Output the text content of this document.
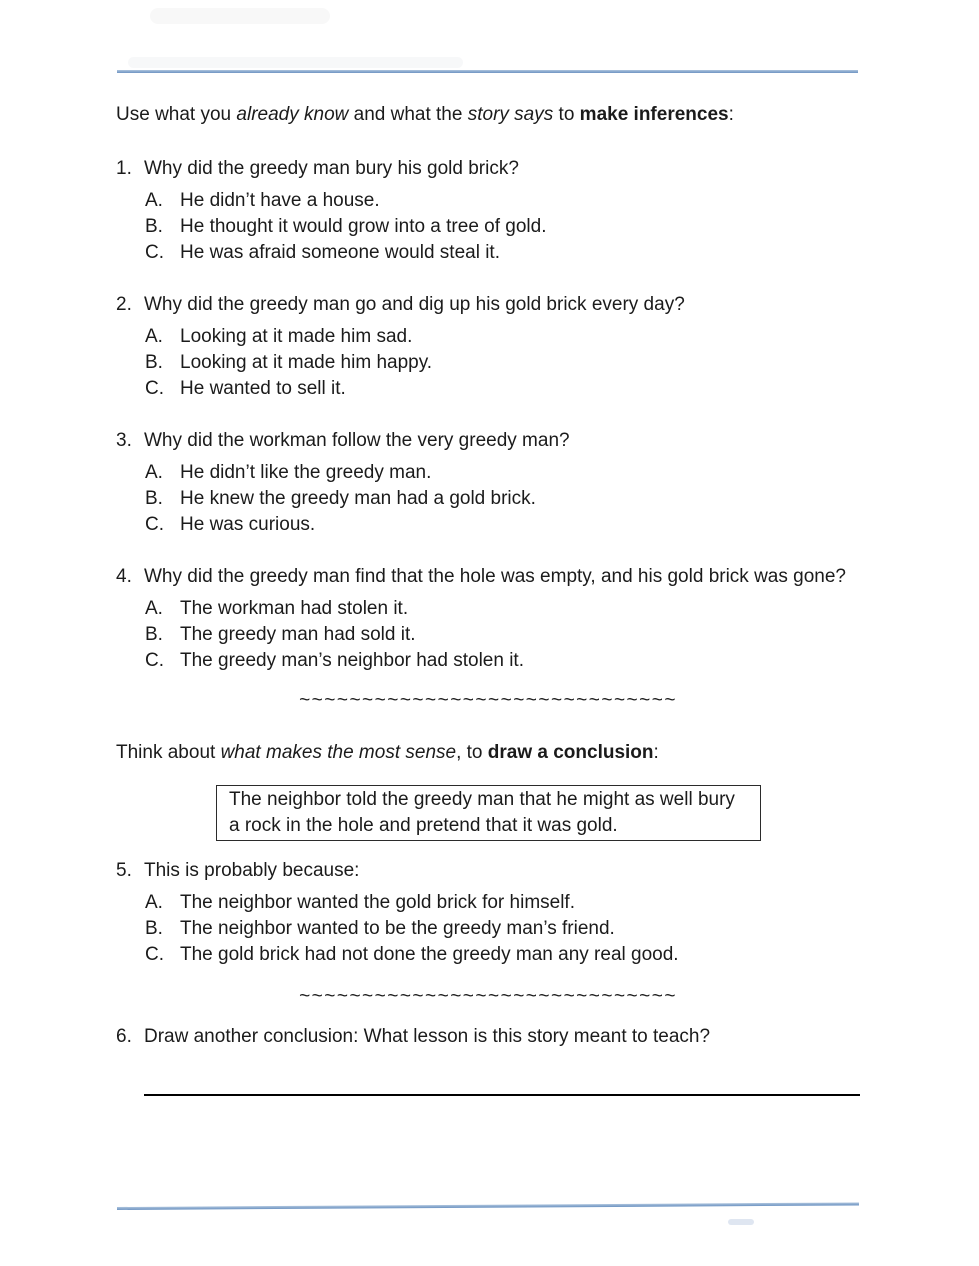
Use what you already know and what the story says to make inferences:

1. Why did the greedy man bury his gold brick?
A. He didn’t have a house.
B. He thought it would grow into a tree of gold.
C. He was afraid someone would steal it.
2. Why did the greedy man go and dig up his gold brick every day?
A. Looking at it made him sad.
B. Looking at it made him happy.
C. He wanted to sell it.
3. Why did the workman follow the very greedy man?
A. He didn’t like the greedy man.
B. He knew the greedy man had a gold brick.
C. He was curious.
4. Why did the greedy man find that the hole was empty, and his gold brick was gone?
A. The workman had stolen it.
B. The greedy man had sold it.
C. The greedy man’s neighbor had stolen it.
~~~~~~~~~~~~~~~~~~~~~~~~~~~~~~

Think about what makes the most sense, to draw a conclusion:

The neighbor told the greedy man that he might as well bury a rock in the hole and pretend that it was gold.
5. This is probably because:
A. The neighbor wanted the gold brick for himself.
B. The neighbor wanted to be the greedy man’s friend.
C. The gold brick had not done the greedy man any real good.
~~~~~~~~~~~~~~~~~~~~~~~~~~~~~~
6. Draw another conclusion: What lesson is this story meant to teach?
